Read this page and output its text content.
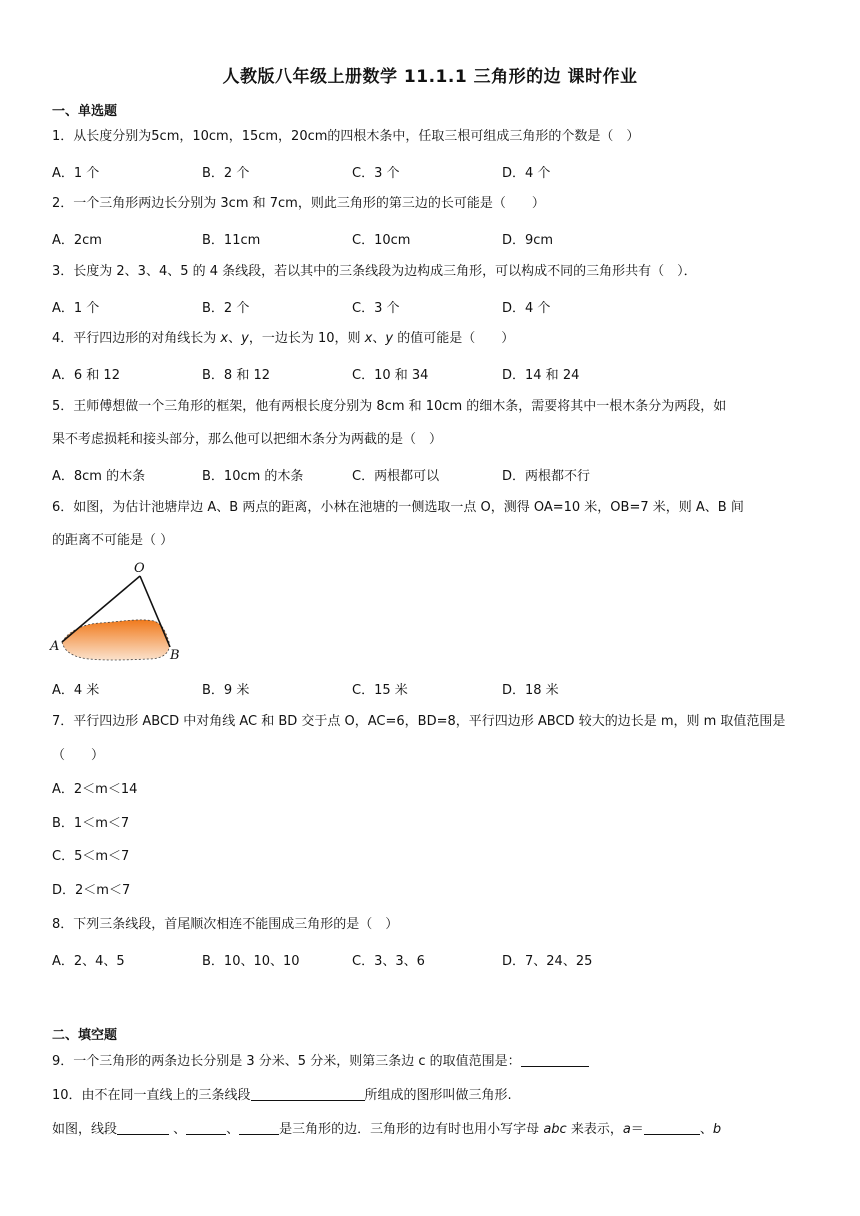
人教版八年级上册数学 11.1.1 三角形的边 课时作业
一、单选题
1．从长度分别为5cm，10cm，15cm，20cm的四根木条中，任取三根可组成三角形的个数是（　）
A．1 个	B．2 个	C．3 个	D．4 个
2．一个三角形两边长分别为 3cm 和 7cm，则此三角形的第三边的长可能是（　　）
A．2cm	B．11cm	C．10cm	D．9cm
3．长度为 2、3、4、5 的 4 条线段，若以其中的三条线段为边构成三角形，可以构成不同的三角形共有（　）．
A．1 个	B．2 个	C．3 个	D．4 个
4．平行四边形的对角线长为 x、y，一边长为 10，则 x、y 的值可能是（　　）
A．6 和 12	B．8 和 12	C．10 和 34	D．14 和 24
5．王师傅想做一个三角形的框架，他有两根长度分别为 8cm 和 10cm 的细木条，需要将其中一根木条分为两段，如
果不考虑损耗和接头部分，那么他可以把细木条分为两截的是（　）
A．8cm 的木条	B．10cm 的木条	C．两根都可以	D．两根都不行
6．如图，为估计池塘岸边 A、B 两点的距离，小林在池塘的一侧选取一点 O，测得 OA=10 米，OB=7 米，则 A、B 间
的距离不可能是（ ）
O
A
B
A．4 米	B．9 米	C．15 米	D．18 米
7．平行四边形 ABCD 中对角线 AC 和 BD 交于点 O，AC=6，BD=8，平行四边形 ABCD 较大的边长是 m，则 m 取值范围是
（　　）
A．2＜m＜14
B．1＜m＜7
C．5＜m＜7
D．2＜m＜7
8．下列三条线段，首尾顺次相连不能围成三角形的是（　）
A．2、4、5	B．10、10、10	C．3、3、6	D．7、24、25
二、填空题
9．一个三角形的两条边长分别是 3 分米、5 分米，则第三条边 c 的取值范围是：
10．由不在同一直线上的三条线段	所组成的图形叫做三角形.
如图，线段	、	、	是三角形的边．三角形的边有时也用小写字母 abc 来表示，a＝	、b
